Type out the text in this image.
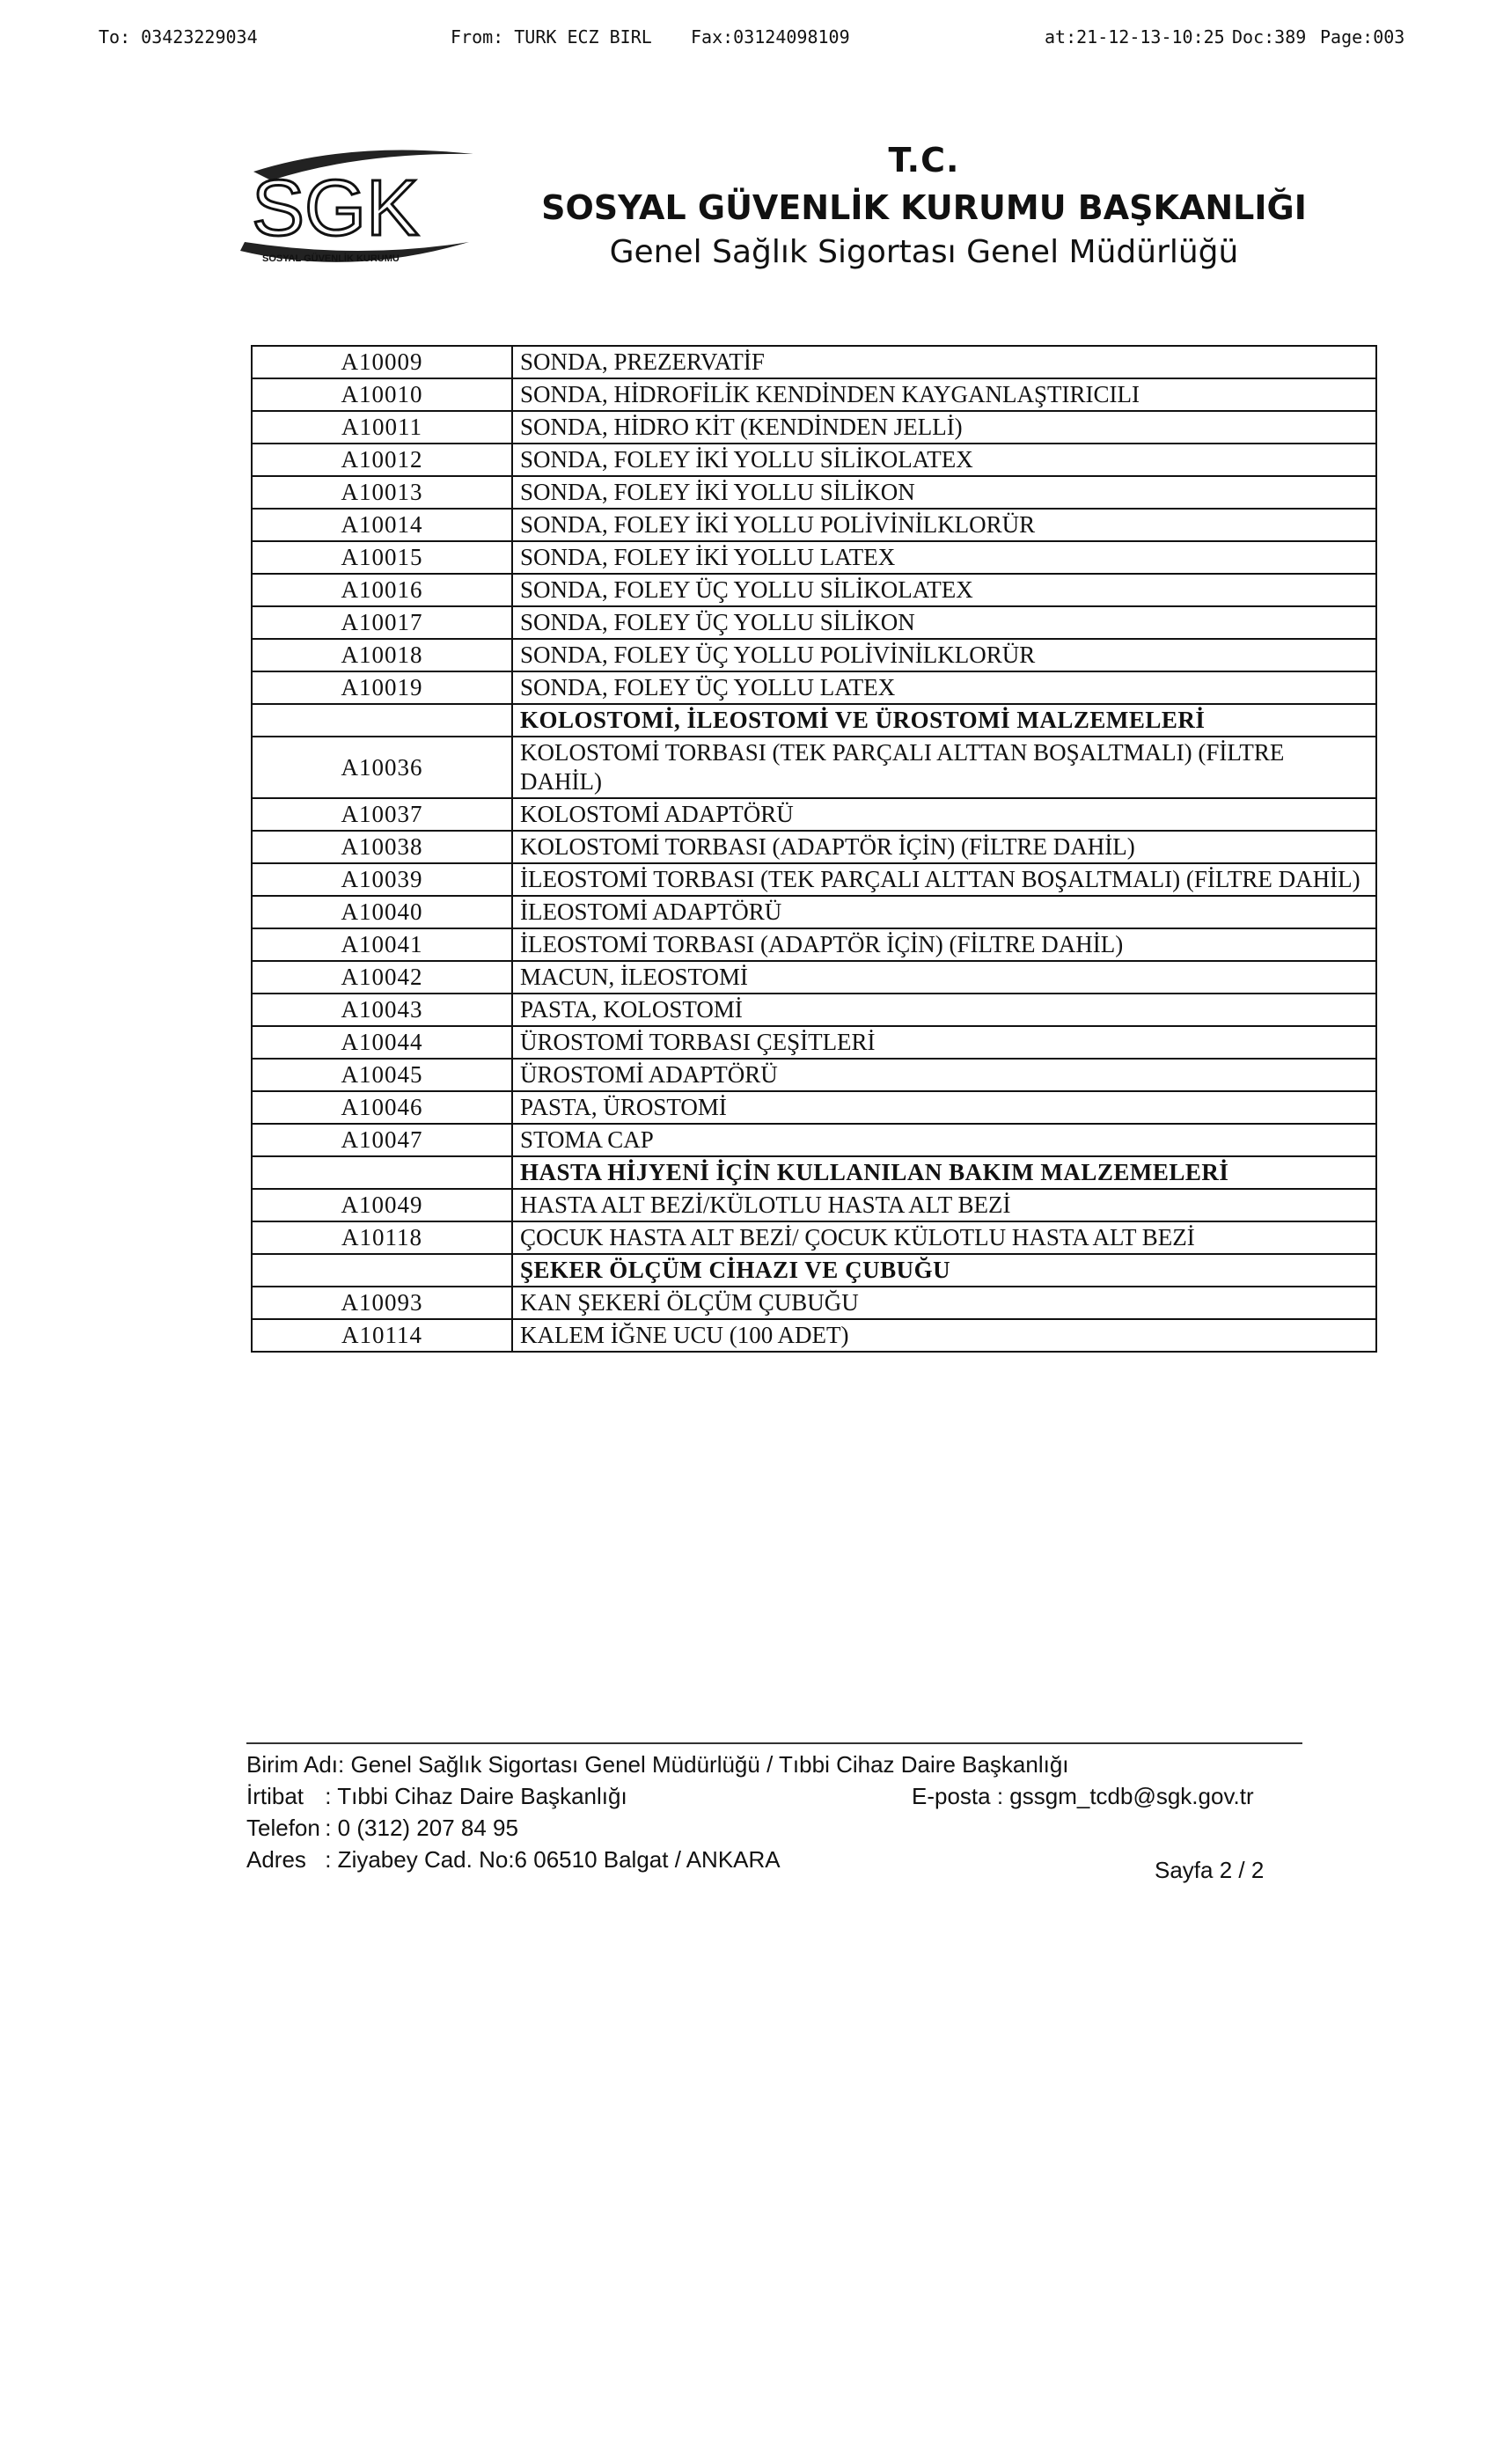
To: 03423229034	From: TURK ECZ BIRL Fax:03124098109	at:21-12-13-10:25 Doc:389 Page:003
SGK
SOSYAL GÜVENLİK KURUMU
T.C.
SOSYAL GÜVENLİK KURUMU BAŞKANLIĞI
Genel Sağlık Sigortası Genel Müdürlüğü
A10009	SONDA, PREZERVATİF
A10010	SONDA, HİDROFİLİK KENDİNDEN KAYGANLAŞTIRICILI
A10011	SONDA, HİDRO KİT (KENDİNDEN JELLİ)
A10012	SONDA, FOLEY İKİ YOLLU SİLİKOLATEX
A10013	SONDA, FOLEY İKİ YOLLU SİLİKON
A10014	SONDA, FOLEY İKİ YOLLU POLİVİNİLKLORÜR
A10015	SONDA, FOLEY İKİ YOLLU LATEX
A10016	SONDA, FOLEY ÜÇ YOLLU SİLİKOLATEX
A10017	SONDA, FOLEY ÜÇ YOLLU SİLİKON
A10018	SONDA, FOLEY ÜÇ YOLLU POLİVİNİLKLORÜR
A10019	SONDA, FOLEY ÜÇ YOLLU LATEX
	KOLOSTOMİ, İLEOSTOMİ VE ÜROSTOMİ MALZEMELERİ
A10036	KOLOSTOMİ TORBASI (TEK PARÇALI ALTTAN BOŞALTMALI) (FİLTRE DAHİL)
A10037	KOLOSTOMİ ADAPTÖRÜ
A10038	KOLOSTOMİ TORBASI (ADAPTÖR İÇİN) (FİLTRE DAHİL)
A10039	İLEOSTOMİ TORBASI (TEK PARÇALI ALTTAN BOŞALTMALI) (FİLTRE DAHİL)
A10040	İLEOSTOMİ ADAPTÖRÜ
A10041	İLEOSTOMİ TORBASI (ADAPTÖR İÇİN) (FİLTRE DAHİL)
A10042	MACUN, İLEOSTOMİ
A10043	PASTA, KOLOSTOMİ
A10044	ÜROSTOMİ TORBASI ÇEŞİTLERİ
A10045	ÜROSTOMİ ADAPTÖRÜ
A10046	PASTA, ÜROSTOMİ
A10047	STOMA CAP
	HASTA HİJYENİ İÇİN KULLANILAN BAKIM MALZEMELERİ
A10049	HASTA ALT BEZİ/KÜLOTLU HASTA ALT BEZİ
A10118	ÇOCUK HASTA ALT BEZİ/ ÇOCUK KÜLOTLU HASTA ALT BEZİ
	ŞEKER ÖLÇÜM CİHAZI VE ÇUBUĞU
A10093	KAN ŞEKERİ ÖLÇÜM ÇUBUĞU
A10114	KALEM İĞNE UCU (100 ADET)
Birim Adı: Genel Sağlık Sigortası Genel Müdürlüğü / Tıbbi Cihaz Daire Başkanlığı
İrtibat : Tıbbi Cihaz Daire Başkanlığı	E-posta : gssgm_tcdb@sgk.gov.tr
Telefon : 0 (312) 207 84 95
Adres : Ziyabey Cad. No:6 06510 Balgat / ANKARA	Sayfa 2 / 2
